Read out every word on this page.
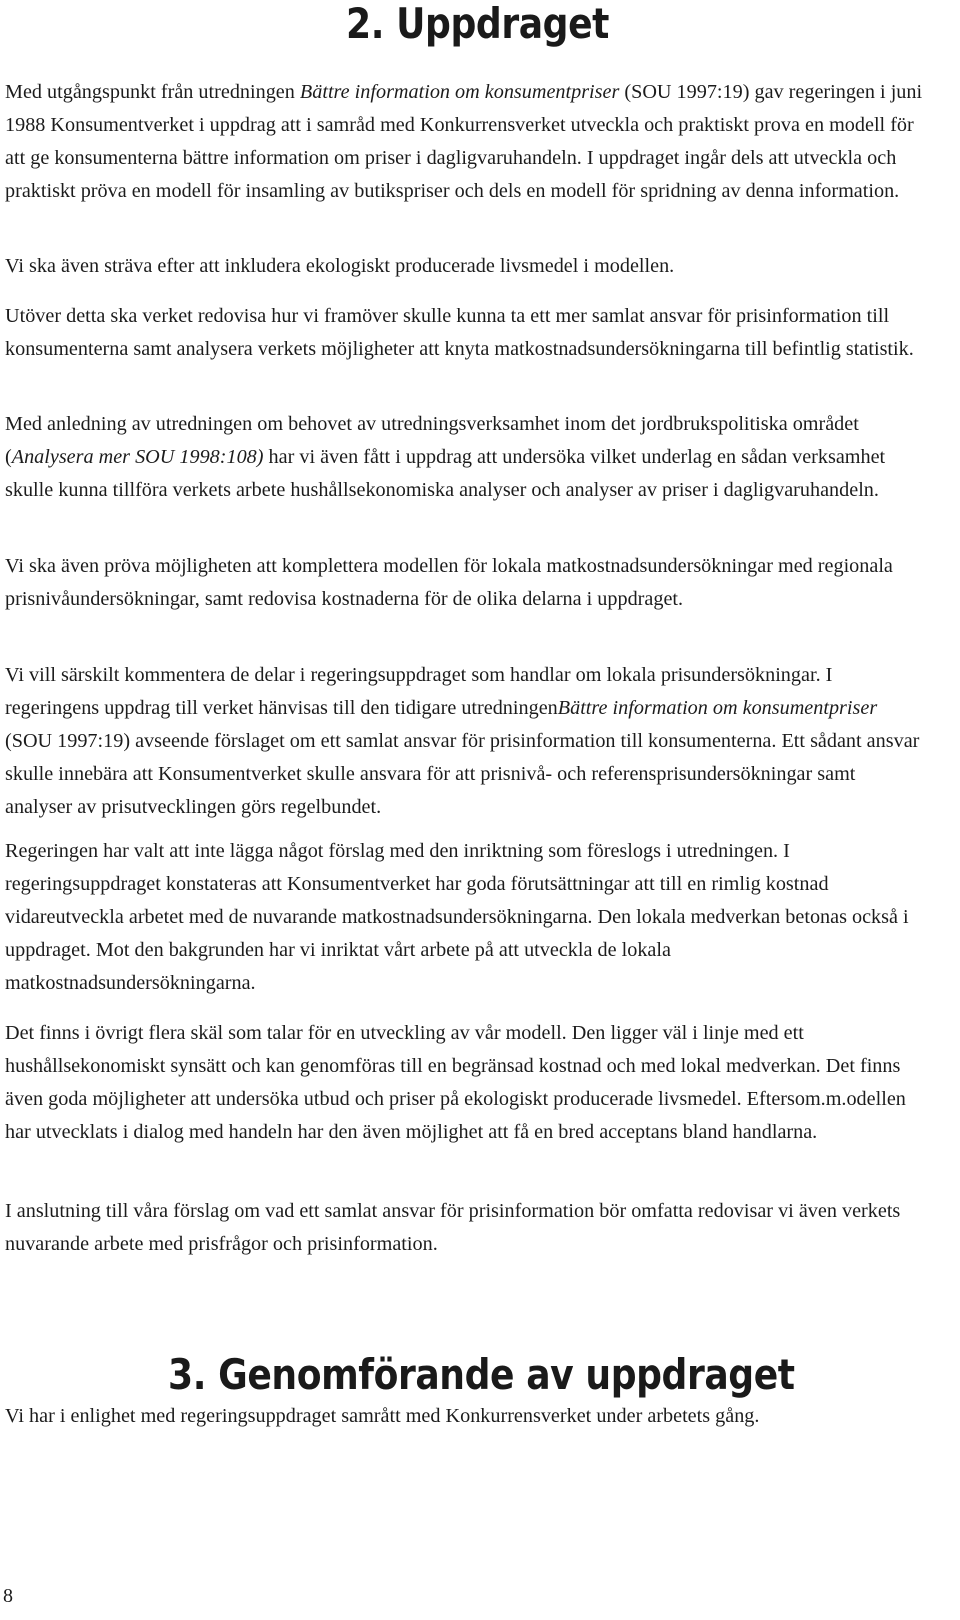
2. Uppdraget

Med utgångspunkt från utredningen Bättre information om konsumentpriser (SOU 1997:19) gav regeringen i juni 1988 Konsumentverket i uppdrag att i samråd med Konkurrensverket utveckla och praktiskt prova en modell för att ge konsumenterna bättre information om priser i dagligvaruhandeln. I uppdraget ingår dels att utveckla och praktiskt pröva en modell för insamling av butikspriser och dels en modell för spridning av denna information.

Vi ska även sträva efter att inkludera ekologiskt producerade livsmedel i modellen.

Utöver detta ska verket redovisa hur vi framöver skulle kunna ta ett mer samlat ansvar för prisinformation till konsumenterna samt analysera verkets möjligheter att knyta matkostnadsundersökningarna till befintlig statistik.

Med anledning av utredningen om behovet av utredningsverksamhet inom det jordbrukspolitiska området (Analysera mer SOU 1998:108) har vi även fått i uppdrag att undersöka vilket underlag en sådan verksamhet skulle kunna tillföra verkets arbete hushållsekonomiska analyser och analyser av priser i dagligvaruhandeln.

Vi ska även pröva möjligheten att komplettera modellen för lokala matkostnadsundersökningar med regionala prisnivåundersökningar, samt redovisa kostnaderna för de olika delarna i uppdraget.

Vi vill särskilt kommentera de delar i regeringsuppdraget som handlar om lokala prisundersökningar. I regeringens uppdrag till verket hänvisas till den tidigare utredningenBättre information om konsumentpriser (SOU 1997:19) avseende förslaget om ett samlat ansvar för prisinformation till konsumenterna. Ett sådant ansvar skulle innebära att Konsumentverket skulle ansvara för att prisnivå- och referensprisundersökningar samt analyser av prisutvecklingen görs regelbundet.

Regeringen har valt att inte lägga något förslag med den inriktning som föreslogs i utredningen. I regeringsuppdraget konstateras att Konsumentverket har goda förutsättningar att till en rimlig kostnad vidareutveckla arbetet med de nuvarande matkostnadsundersökningarna. Den lokala medverkan betonas också i uppdraget. Mot den bakgrunden har vi inriktat vårt arbete på att utveckla de lokala matkostnadsundersökningarna.

Det finns i övrigt flera skäl som talar för en utveckling av vår modell. Den ligger väl i linje med ett hushållsekonomiskt synsätt och kan genomföras till en begränsad kostnad och med lokal medverkan. Det finns även goda möjligheter att undersöka utbud och priser på ekologiskt producerade livsmedel. Eftersom.m.odellen har utvecklats i dialog med handeln har den även möjlighet att få en bred acceptans bland handlarna.

I anslutning till våra förslag om vad ett samlat ansvar för prisinformation bör omfatta redovisar vi även verkets nuvarande arbete med prisfrågor och prisinformation.

3. Genomförande av uppdraget

Vi har i enlighet med regeringsuppdraget samrått med Konkurrensverket under arbetets gång.

8
